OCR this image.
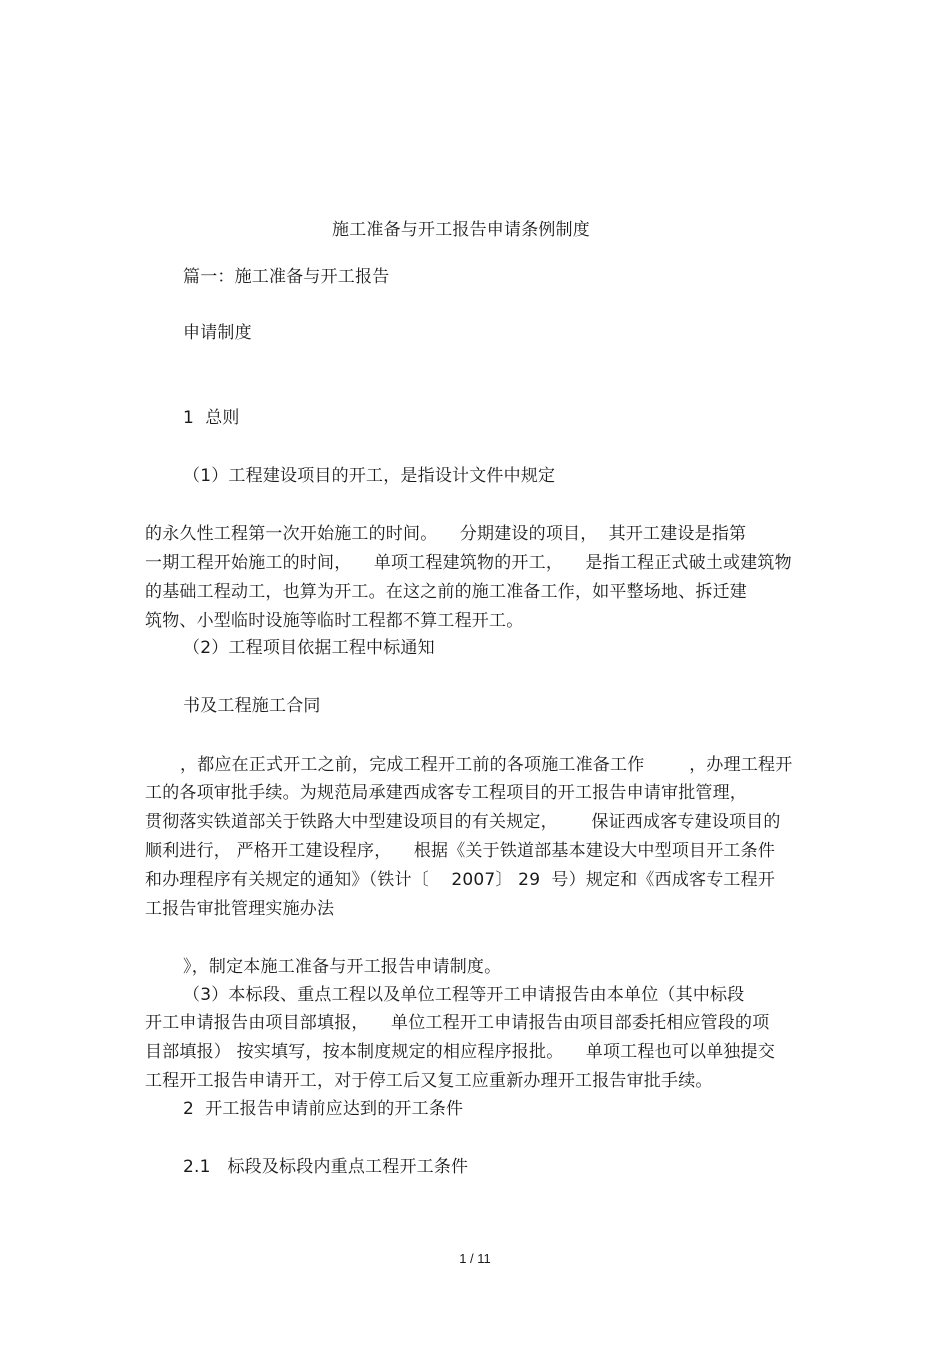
施工准备与开工报告申请条例制度
篇一：施工准备与开工报告
申请制度
1  总则
（1）工程建设项目的开工，是指设计文件中规定
的永久性工程第一次开始施工的时间。    分期建设的项目，  其开工建设是指第
一期工程开始施工的时间，    单项工程建筑物的开工，    是指工程正式破土或建筑物
的基础工程动工，也算为开工。在这之前的施工准备工作，如平整场地、拆迁建
筑物、小型临时设施等临时工程都不算工程开工。
（2）工程项目依据工程中标通知
书及工程施工合同
，都应在正式开工之前，完成工程开工前的各项施工准备工作        ，办理工程开
工的各项审批手续。为规范局承建西成客专工程项目的开工报告申请审批管理，
贯彻落实铁道部关于铁路大中型建设项目的有关规定，      保证西成客专建设项目的
顺利进行， 严格开工建设程序，    根据《关于铁道部基本建设大中型项目开工条件
和办理程序有关规定的通知》（铁计〔    2007〕 29  号）规定和《西成客专工程开
工报告审批管理实施办法
》，制定本施工准备与开工报告申请制度。
（3）本标段、重点工程以及单位工程等开工申请报告由本单位（其中标段
开工申请报告由项目部填报，    单位工程开工申请报告由项目部委托相应管段的项
目部填报） 按实填写，按本制度规定的相应程序报批。    单项工程也可以单独提交
工程开工报告申请开工，对于停工后又复工应重新办理开工报告审批手续。
2  开工报告申请前应达到的开工条件
2.1   标段及标段内重点工程开工条件
1 / 11
